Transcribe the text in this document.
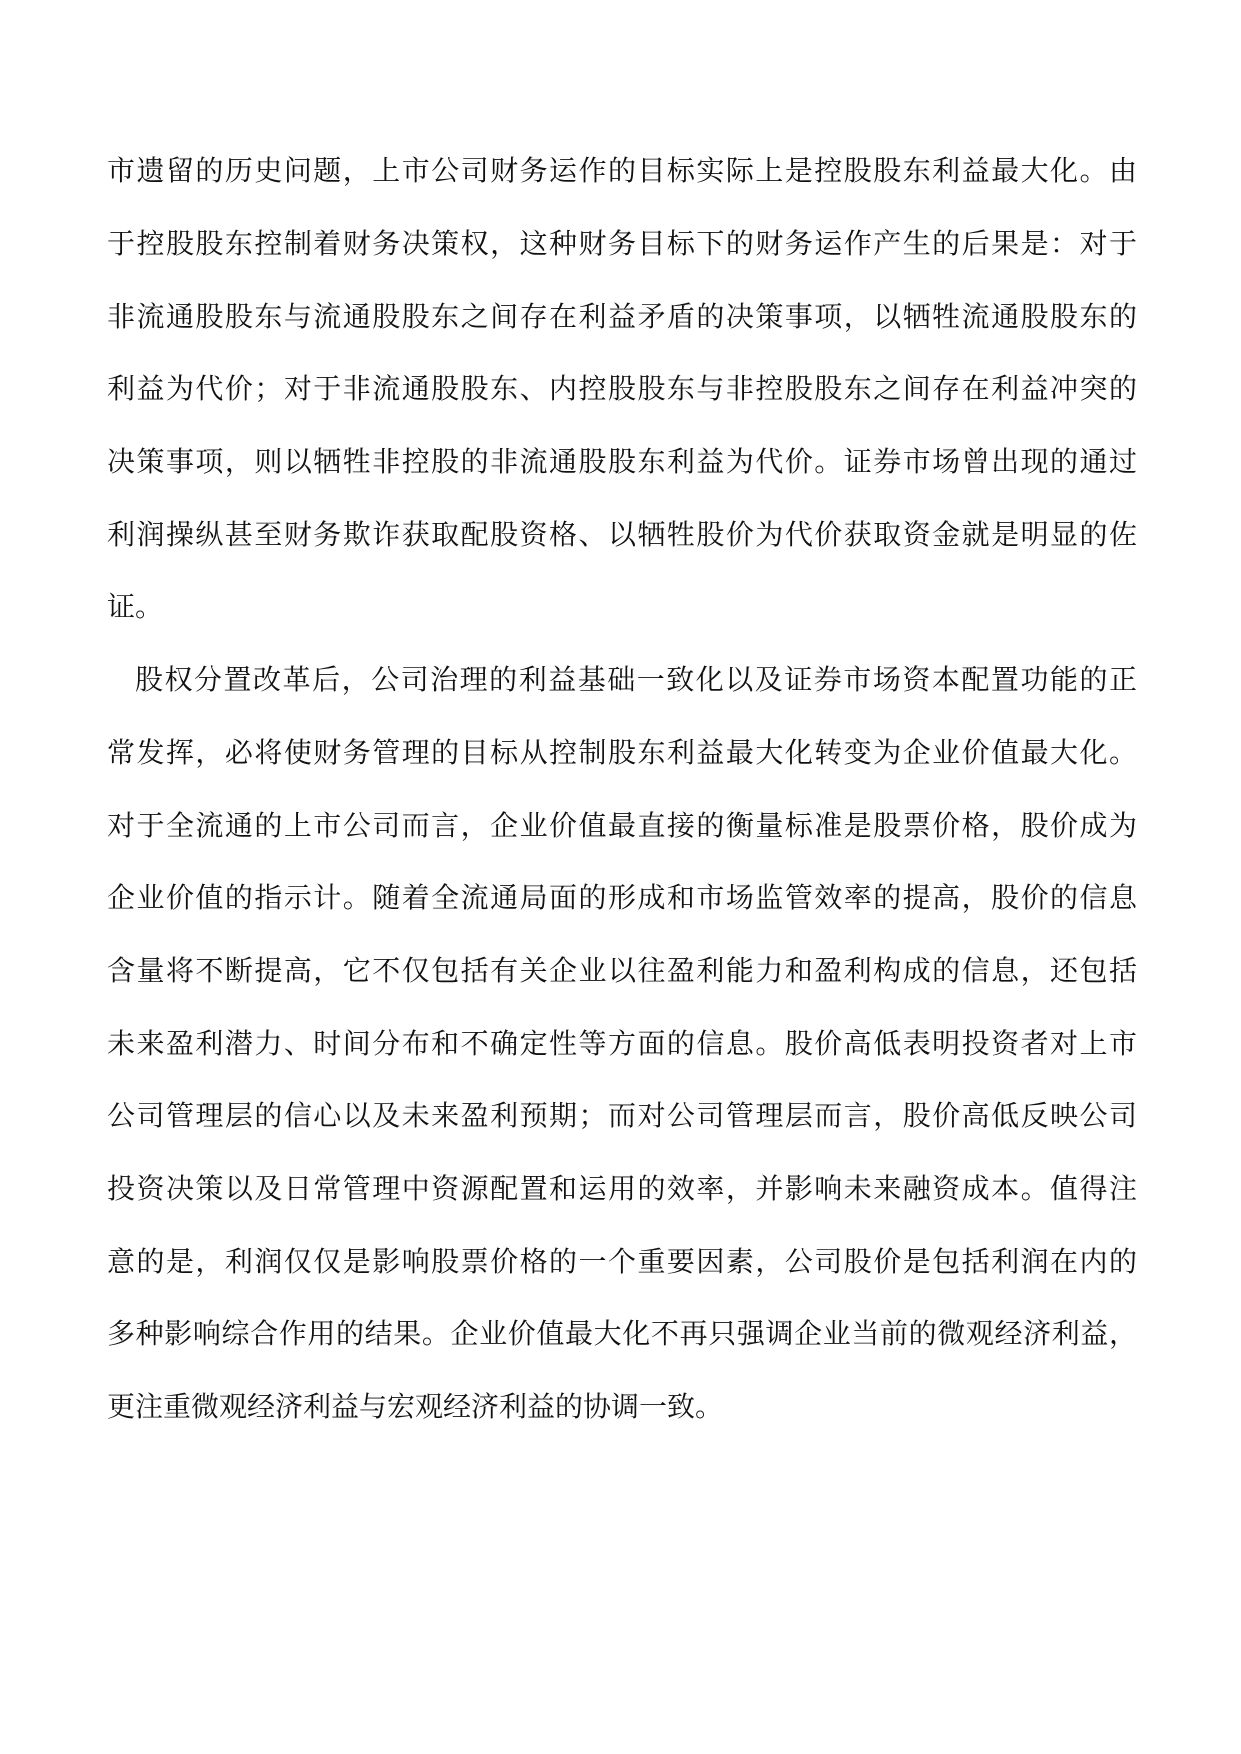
市遗留的历史问题，上市公司财务运作的目标实际上是控股股东利益最大化。由

于控股股东控制着财务决策权，这种财务目标下的财务运作产生的后果是：对于

非流通股股东与流通股股东之间存在利益矛盾的决策事项，以牺牲流通股股东的

利益为代价；对于非流通股股东、内控股股东与非控股股东之间存在利益冲突的

决策事项，则以牺牲非控股的非流通股股东利益为代价。证券市场曾出现的通过

利润操纵甚至财务欺诈获取配股资格、以牺牲股价为代价获取资金就是明显的佐

证。

股权分置改革后，公司治理的利益基础一致化以及证券市场资本配置功能的正

常发挥，必将使财务管理的目标从控制股东利益最大化转变为企业价值最大化。

对于全流通的上市公司而言，企业价值最直接的衡量标准是股票价格，股价成为

企业价值的指示计。随着全流通局面的形成和市场监管效率的提高，股价的信息

含量将不断提高，它不仅包括有关企业以往盈利能力和盈利构成的信息，还包括

未来盈利潜力、时间分布和不确定性等方面的信息。股价高低表明投资者对上市

公司管理层的信心以及未来盈利预期；而对公司管理层而言，股价高低反映公司

投资决策以及日常管理中资源配置和运用的效率，并影响未来融资成本。值得注

意的是，利润仅仅是影响股票价格的一个重要因素，公司股价是包括利润在内的

多种影响综合作用的结果。企业价值最大化不再只强调企业当前的微观经济利益，

更注重微观经济利益与宏观经济利益的协调一致。
